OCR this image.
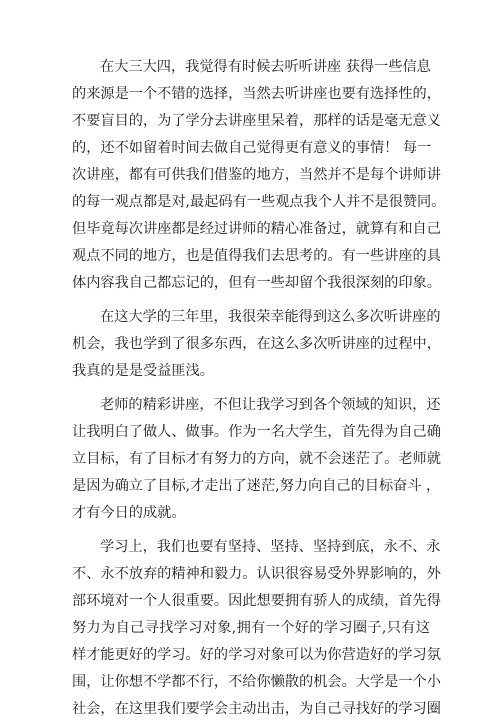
在大三大四，我觉得有时候去听听讲座 获得一些信息
的来源是一个不错的选择，当然去听讲座也要有选择性的，
不要盲目的，为了学分去讲座里呆着，那样的话是毫无意义
的，还不如留着时间去做自己觉得更有意义的事情！ 每一
次讲座，都有可供我们借鉴的地方，当然并不是每个讲师讲
的每一观点都是对,最起码有一些观点我个人并不是很赞同。
但毕竟每次讲座都是经过讲师的精心准备过，就算有和自己
观点不同的地方，也是值得我们去思考的。有一些讲座的具
体内容我自己都忘记的，但有一些却留个我很深刻的印象。
在这大学的三年里，我很荣幸能得到这么多次听讲座的
机会，我也学到了很多东西，在这么多次听讲座的过程中，
我真的是是受益匪浅。
老师的精彩讲座，不但让我学习到各个领域的知识，还
让我明白了做人、做事。作为一名大学生，首先得为自己确
立目标，有了目标才有努力的方向，就不会迷茫了。老师就
是因为确立了目标,才走出了迷茫,努力向自己的目标奋斗 ，
才有今日的成就。
学习上，我们也要有坚持、坚持、坚持到底，永不、永
不、永不放弃的精神和毅力。认识很容易受外界影响的，外
部环境对一个人很重要。因此想要拥有骄人的成绩，首先得
努力为自己寻找学习对象,拥有一个好的学习圈子,只有这
样才能更好的学习。好的学习对象可以为你营造好的学习氛
围，让你想不学都不行，不给你懒散的机会。大学是一个小
社会，在这里我们要学会主动出击，为自己寻找好的学习圈
